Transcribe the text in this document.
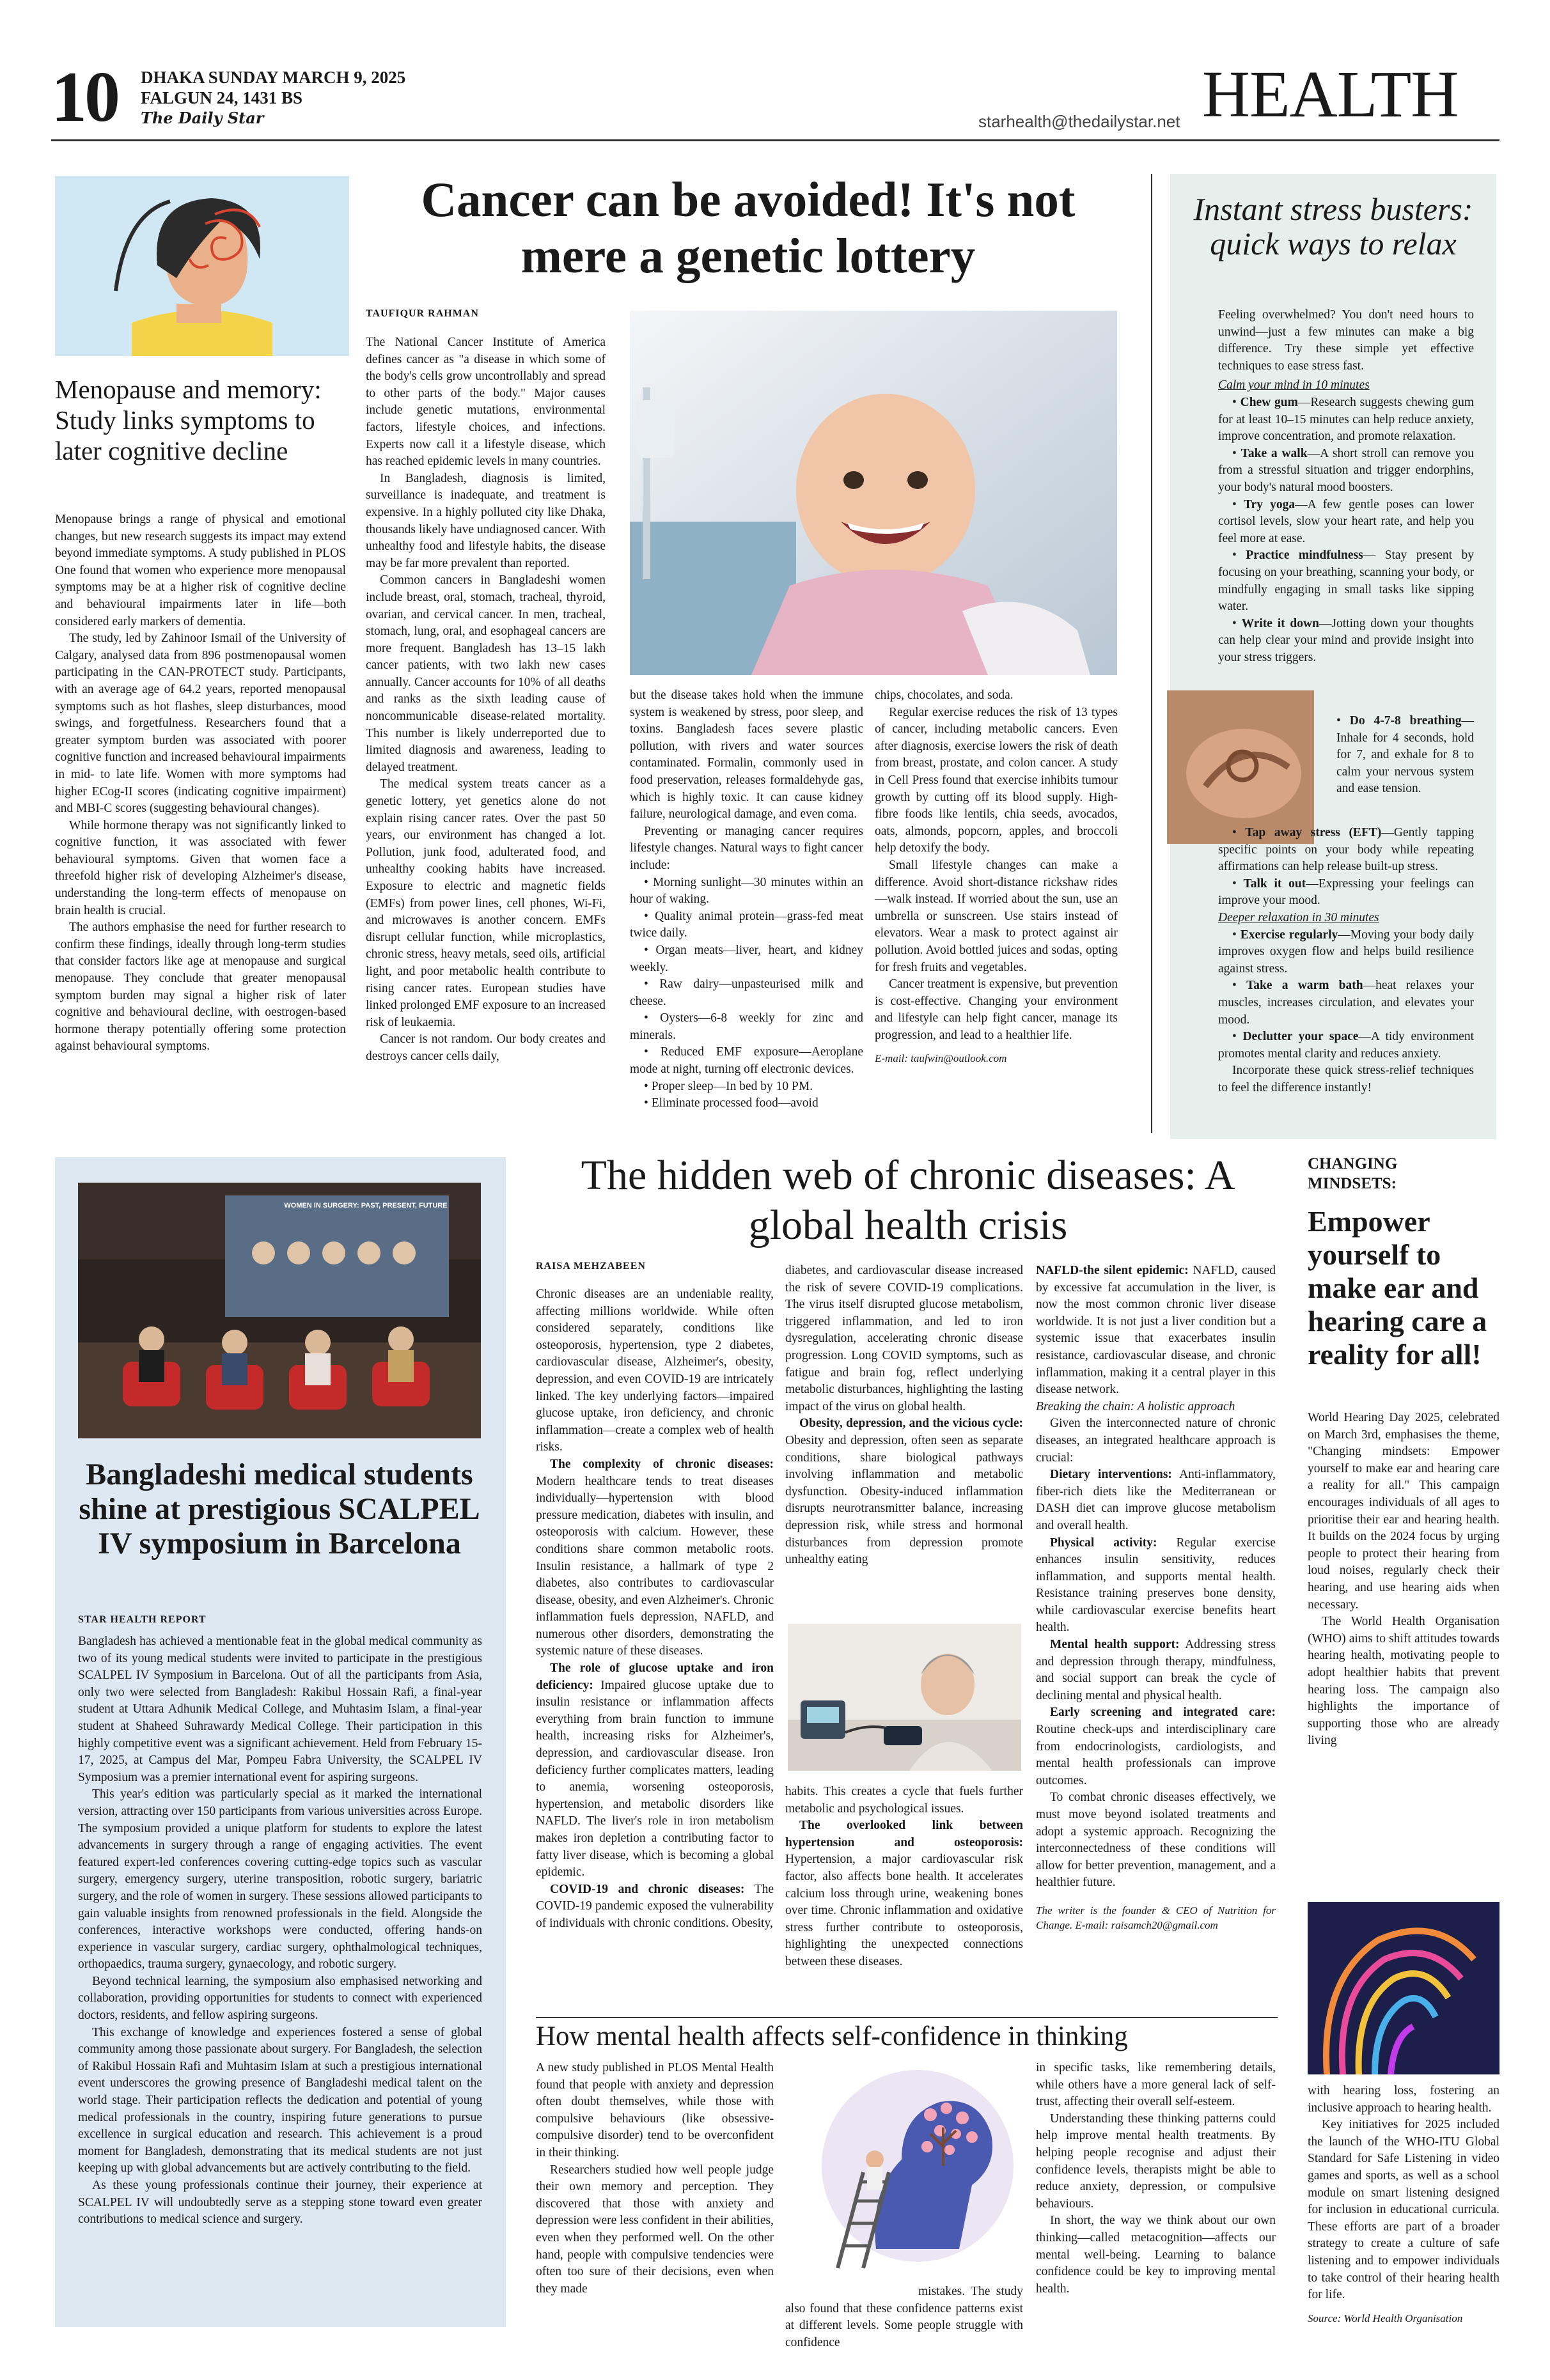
10 DHAKA SUNDAY MARCH 9, 2025
FALGUN 24, 1431 BS
The Daily Star	starhealth@thedailystar.net HEALTH
Menopause and memory: Study links symptoms to later cognitive decline

Menopause brings a range of physical and emotional changes, but new research suggests its impact may extend beyond immediate symptoms. A study published in PLOS One found that women who experience more menopausal symptoms may be at a higher risk of cognitive decline and behavioural impairments later in life—both considered early markers of dementia.

The study, led by Zahinoor Ismail of the University of Calgary, analysed data from 896 postmenopausal women participating in the CAN-PROTECT study. Participants, with an average age of 64.2 years, reported menopausal symptoms such as hot flashes, sleep disturbances, mood swings, and forgetfulness. Researchers found that a greater symptom burden was associated with poorer cognitive function and increased behavioural impairments in mid- to late life. Women with more symptoms had higher ECog-II scores (indicating cognitive impairment) and MBI-C scores (suggesting behavioural changes).

While hormone therapy was not significantly linked to cognitive function, it was associated with fewer behavioural symptoms. Given that women face a threefold higher risk of developing Alzheimer's disease, understanding the long-term effects of menopause on brain health is crucial.

The authors emphasise the need for further research to confirm these findings, ideally through long-term studies that consider factors like age at menopause and surgical menopause. They conclude that greater menopausal symptom burden may signal a higher risk of later cognitive and behavioural decline, with oestrogen-based hormone therapy potentially offering some protection against behavioural symptoms.

Cancer can be avoided! It's not mere a genetic lottery
TAUFIQUR RAHMAN

The National Cancer Institute of America defines cancer as "a disease in which some of the body's cells grow uncontrollably and spread to other parts of the body." Major causes include genetic mutations, environmental factors, lifestyle choices, and infections. Experts now call it a lifestyle disease, which has reached epidemic levels in many countries.

In Bangladesh, diagnosis is limited, surveillance is inadequate, and treatment is expensive. In a highly polluted city like Dhaka, thousands likely have undiagnosed cancer. With unhealthy food and lifestyle habits, the disease may be far more prevalent than reported.

Common cancers in Bangladeshi women include breast, oral, stomach, tracheal, thyroid, ovarian, and cervical cancer. In men, tracheal, stomach, lung, oral, and esophageal cancers are more frequent. Bangladesh has 13–15 lakh cancer patients, with two lakh new cases annually. Cancer accounts for 10% of all deaths and ranks as the sixth leading cause of noncommunicable disease-related mortality. This number is likely underreported due to limited diagnosis and awareness, leading to delayed treatment.

The medical system treats cancer as a genetic lottery, yet genetics alone do not explain rising cancer rates. Over the past 50 years, our environment has changed a lot. Pollution, junk food, adulterated food, and unhealthy cooking habits have increased. Exposure to electric and magnetic fields (EMFs) from power lines, cell phones, Wi-Fi, and microwaves is another concern. EMFs disrupt cellular function, while microplastics, chronic stress, heavy metals, seed oils, artificial light, and poor metabolic health contribute to rising cancer rates. European studies have linked prolonged EMF exposure to an increased risk of leukaemia.

Cancer is not random. Our body creates and destroys cancer cells daily,

but the disease takes hold when the immune system is weakened by stress, poor sleep, and toxins. Bangladesh faces severe plastic pollution, with rivers and water sources contaminated. Formalin, commonly used in food preservation, releases formaldehyde gas, which is highly toxic. It can cause kidney failure, neurological damage, and even coma.

Preventing or managing cancer requires lifestyle changes. Natural ways to fight cancer include:

• Morning sunlight—30 minutes within an hour of waking.

• Quality animal protein—grass-fed meat twice daily.

• Organ meats—liver, heart, and kidney weekly.

• Raw dairy—unpasteurised milk and cheese.

• Oysters—6-8 weekly for zinc and minerals.

• Reduced EMF exposure—Aeroplane mode at night, turning off electronic devices.

• Proper sleep—In bed by 10 PM.

• Eliminate processed food—avoid

chips, chocolates, and soda.

Regular exercise reduces the risk of 13 types of cancer, including metabolic cancers. Even after diagnosis, exercise lowers the risk of death from breast, prostate, and colon cancer. A study in Cell Press found that exercise inhibits tumour growth by cutting off its blood supply. High-fibre foods like lentils, chia seeds, avocados, oats, almonds, popcorn, apples, and broccoli help detoxify the body.

Small lifestyle changes can make a difference. Avoid short-distance rickshaw rides—walk instead. If worried about the sun, use an umbrella or sunscreen. Use stairs instead of elevators. Wear a mask to protect against air pollution. Avoid bottled juices and sodas, opting for fresh fruits and vegetables.

Cancer treatment is expensive, but prevention is cost-effective. Changing your environment and lifestyle can help fight cancer, manage its progression, and lead to a healthier life.

E-mail: taufwin@outlook.com

Instant stress busters: quick ways to relax

Feeling overwhelmed? You don't need hours to unwind—just a few minutes can make a big difference. Try these simple yet effective techniques to ease stress fast.

Calm your mind in 10 minutes

• Chew gum—Research suggests chewing gum for at least 10–15 minutes can help reduce anxiety, improve concentration, and promote relaxation.

• Take a walk—A short stroll can remove you from a stressful situation and trigger endorphins, your body's natural mood boosters.

• Try yoga—A few gentle poses can lower cortisol levels, slow your heart rate, and help you feel more at ease.

• Practice mindfulness— Stay present by focusing on your breathing, scanning your body, or mindfully engaging in small tasks like sipping water.

• Write it down—Jotting down your thoughts can help clear your mind and provide insight into your stress triggers.

• Do 4-7-8 breathing—Inhale for 4 seconds, hold for 7, and exhale for 8 to calm your nervous system and ease tension.

• Tap away stress (EFT)—Gently tapping specific points on your body while repeating affirmations can help release built-up stress.

• Talk it out—Expressing your feelings can improve your mood.

Deeper relaxation in 30 minutes

• Exercise regularly—Moving your body daily improves oxygen flow and helps build resilience against stress.

• Take a warm bath—heat relaxes your muscles, increases circulation, and elevates your mood.

• Declutter your space—A tidy environment promotes mental clarity and reduces anxiety.

Incorporate these quick stress-relief techniques to feel the difference instantly!

WOMEN IN SURGERY: PAST, PRESENT, FUTURE
Bangladeshi medical students shine at prestigious SCALPEL IV symposium in Barcelona
STAR HEALTH REPORT

Bangladesh has achieved a mentionable feat in the global medical community as two of its young medical students were invited to participate in the prestigious SCALPEL IV Symposium in Barcelona. Out of all the participants from Asia, only two were selected from Bangladesh: Rakibul Hossain Rafi, a final-year student at Uttara Adhunik Medical College, and Muhtasim Islam, a final-year student at Shaheed Suhrawardy Medical College. Their participation in this highly competitive event was a significant achievement. Held from February 15-17, 2025, at Campus del Mar, Pompeu Fabra University, the SCALPEL IV Symposium was a premier international event for aspiring surgeons.

This year's edition was particularly special as it marked the international version, attracting over 150 participants from various universities across Europe. The symposium provided a unique platform for students to explore the latest advancements in surgery through a range of engaging activities. The event featured expert-led conferences covering cutting-edge topics such as vascular surgery, emergency surgery, uterine transposition, robotic surgery, bariatric surgery, and the role of women in surgery. These sessions allowed participants to gain valuable insights from renowned professionals in the field. Alongside the conferences, interactive workshops were conducted, offering hands-on experience in vascular surgery, cardiac surgery, ophthalmological techniques, orthopaedics, trauma surgery, gynaecology, and robotic surgery.

Beyond technical learning, the symposium also emphasised networking and collaboration, providing opportunities for students to connect with experienced doctors, residents, and fellow aspiring surgeons.

This exchange of knowledge and experiences fostered a sense of global community among those passionate about surgery. For Bangladesh, the selection of Rakibul Hossain Rafi and Muhtasim Islam at such a prestigious international event underscores the growing presence of Bangladeshi medical talent on the world stage. Their participation reflects the dedication and potential of young medical professionals in the country, inspiring future generations to pursue excellence in surgical education and research. This achievement is a proud moment for Bangladesh, demonstrating that its medical students are not just keeping up with global advancements but are actively contributing to the field.

As these young professionals continue their journey, their experience at SCALPEL IV will undoubtedly serve as a stepping stone toward even greater contributions to medical science and surgery.

The hidden web of chronic diseases: A global health crisis
RAISA MEHZABEEN

Chronic diseases are an undeniable reality, affecting millions worldwide. While often considered separately, conditions like osteoporosis, hypertension, type 2 diabetes, cardiovascular disease, Alzheimer's, obesity, depression, and even COVID-19 are intricately linked. The key underlying factors—impaired glucose uptake, iron deficiency, and chronic inflammation—create a complex web of health risks.

The complexity of chronic diseases: Modern healthcare tends to treat diseases individually—hypertension with blood pressure medication, diabetes with insulin, and osteoporosis with calcium. However, these conditions share common metabolic roots. Insulin resistance, a hallmark of type 2 diabetes, also contributes to cardiovascular disease, obesity, and even Alzheimer's. Chronic inflammation fuels depression, NAFLD, and numerous other disorders, demonstrating the systemic nature of these diseases.

The role of glucose uptake and iron deficiency: Impaired glucose uptake due to insulin resistance or inflammation affects everything from brain function to immune health, increasing risks for Alzheimer's, depression, and cardiovascular disease. Iron deficiency further complicates matters, leading to anemia, worsening osteoporosis, hypertension, and metabolic disorders like NAFLD. The liver's role in iron metabolism makes iron depletion a contributing factor to fatty liver disease, which is becoming a global epidemic.

COVID-19 and chronic diseases: The COVID-19 pandemic exposed the vulnerability of individuals with chronic conditions. Obesity,

diabetes, and cardiovascular disease increased the risk of severe COVID-19 complications. The virus itself disrupted glucose metabolism, triggered inflammation, and led to iron dysregulation, accelerating chronic disease progression. Long COVID symptoms, such as fatigue and brain fog, reflect underlying metabolic disturbances, highlighting the lasting impact of the virus on global health.

Obesity, depression, and the vicious cycle: Obesity and depression, often seen as separate conditions, share biological pathways involving inflammation and metabolic dysfunction. Obesity-induced inflammation disrupts neurotransmitter balance, increasing depression risk, while stress and hormonal disturbances from depression promote unhealthy eating

habits. This creates a cycle that fuels further metabolic and psychological issues.

The overlooked link between hypertension and osteoporosis: Hypertension, a major cardiovascular risk factor, also affects bone health. It accelerates calcium loss through urine, weakening bones over time. Chronic inflammation and oxidative stress further contribute to osteoporosis, highlighting the unexpected connections between these diseases.

NAFLD-the silent epidemic: NAFLD, caused by excessive fat accumulation in the liver, is now the most common chronic liver disease worldwide. It is not just a liver condition but a systemic issue that exacerbates insulin resistance, cardiovascular disease, and chronic inflammation, making it a central player in this disease network.

Breaking the chain: A holistic approach

Given the interconnected nature of chronic diseases, an integrated healthcare approach is crucial:

Dietary interventions: Anti-inflammatory, fiber-rich diets like the Mediterranean or DASH diet can improve glucose metabolism and overall health.

Physical activity: Regular exercise enhances insulin sensitivity, reduces inflammation, and supports mental health. Resistance training preserves bone density, while cardiovascular exercise benefits heart health.

Mental health support: Addressing stress and depression through therapy, mindfulness, and social support can break the cycle of declining mental and physical health.

Early screening and integrated care: Routine check-ups and interdisciplinary care from endocrinologists, cardiologists, and mental health professionals can improve outcomes.

To combat chronic diseases effectively, we must move beyond isolated treatments and adopt a systemic approach. Recognizing the interconnectedness of these conditions will allow for better prevention, management, and a healthier future.

The writer is the founder & CEO of Nutrition for Change. E-mail: raisamch20@gmail.com

How mental health affects self-confidence in thinking

A new study published in PLOS Mental Health found that people with anxiety and depression often doubt themselves, while those with compulsive behaviours (like obsessive-compulsive disorder) tend to be overconfident in their thinking.

Researchers studied how well people judge their own memory and perception. They discovered that those with anxiety and depression were less confident in their abilities, even when they performed well. On the other hand, people with compulsive tendencies were often too sure of their decisions, even when they made	mistakes. The study also found that these confidence patterns exist at different levels. Some people struggle with confidence

in specific tasks, like remembering details, while others have a more general lack of self-trust, affecting their overall self-esteem.

Understanding these thinking patterns could help improve mental health treatments. By helping people recognise and adjust their confidence levels, therapists might be able to reduce anxiety, depression, or compulsive behaviours.

In short, the way we think about our own thinking—called metacognition—affects our mental well-being. Learning to balance confidence could be key to improving mental health.

CHANGING MINDSETS:
Empower yourself to make ear and hearing care a reality for all!

World Hearing Day 2025, celebrated on March 3rd, emphasises the theme, "Changing mindsets: Empower yourself to make ear and hearing care a reality for all." This campaign encourages individuals of all ages to prioritise their ear and hearing health. It builds on the 2024 focus by urging people to protect their hearing from loud noises, regularly check their hearing, and use hearing aids when necessary.

The World Health Organisation (WHO) aims to shift attitudes towards hearing health, motivating people to adopt healthier habits that prevent hearing loss. The campaign also highlights the importance of supporting those who are already living

with hearing loss, fostering an inclusive approach to hearing health.

Key initiatives for 2025 included the launch of the WHO-ITU Global Standard for Safe Listening in video games and sports, as well as a school module on smart listening designed for inclusion in educational curricula. These efforts are part of a broader strategy to create a culture of safe listening and to empower individuals to take control of their hearing health for life.

Source: World Health Organisation
